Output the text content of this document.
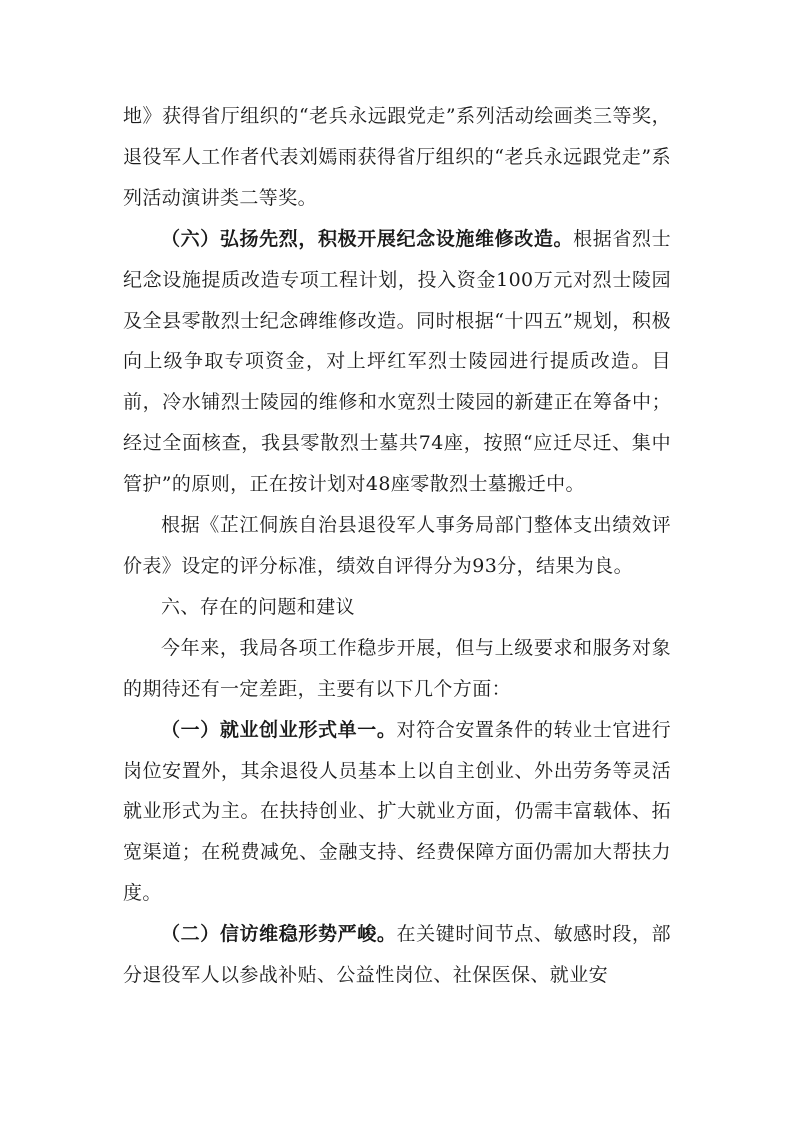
地》获得省厅组织的“老兵永远跟党走”系列活动绘画类三等奖，退役军人工作者代表刘嫣雨获得省厅组织的“老兵永远跟党走”系列活动演讲类二等奖。

（六）弘扬先烈，积极开展纪念设施维修改造。根据省烈士纪念设施提质改造专项工程计划，投入资金100万元对烈士陵园及全县零散烈士纪念碑维修改造。同时根据“十四五”规划，积极向上级争取专项资金，对上坪红军烈士陵园进行提质改造。目前，冷水铺烈士陵园的维修和水宽烈士陵园的新建正在筹备中；经过全面核查，我县零散烈士墓共74座，按照“应迁尽迁、集中管护”的原则，正在按计划对48座零散烈士墓搬迁中。

根据《芷江侗族自治县退役军人事务局部门整体支出绩效评价表》设定的评分标准，绩效自评得分为93分，结果为良。

六、存在的问题和建议

今年来，我局各项工作稳步开展，但与上级要求和服务对象的期待还有一定差距，主要有以下几个方面：

（一）就业创业形式单一。对符合安置条件的转业士官进行岗位安置外，其余退役人员基本上以自主创业、外出劳务等灵活就业形式为主。在扶持创业、扩大就业方面，仍需丰富载体、拓宽渠道；在税费减免、金融支持、经费保障方面仍需加大帮扶力度。

（二）信访维稳形势严峻。在关键时间节点、敏感时段，部分退役军人以参战补贴、公益性岗位、社保医保、就业安
